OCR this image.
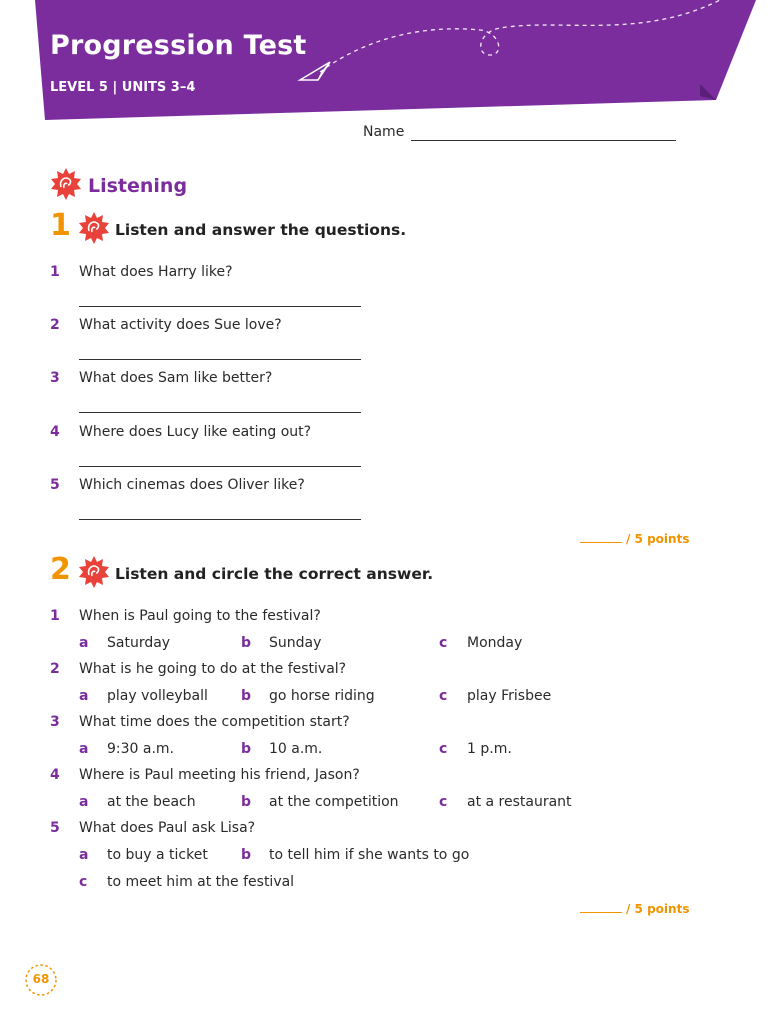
Progression Test
LEVEL 5 | UNITS 3–4
Name
Listening
1	Listen and answer the questions.
1 What does Harry like?
2 What activity does Sue love?
3 What does Sam like better?
4 Where does Lucy like eating out?
5 Which cinemas does Oliver like?
/ 5 points
2	Listen and circle the correct answer.
1 When is Paul going to the festival?
a Saturday	b Sunday	c Monday
2 What is he going to do at the festival?
a play volleyball b go horse riding	c play Frisbee
3 What time does the competition start?
a 9:30 a.m.	b 10 a.m.	c 1 p.m.
4 Where is Paul meeting his friend, Jason?
a at the beach	b at the competition	c at a restaurant
5 What does Paul ask Lisa?
a to buy a ticket b to tell him if she wants to go
c to meet him at the festival
/ 5 points
68
